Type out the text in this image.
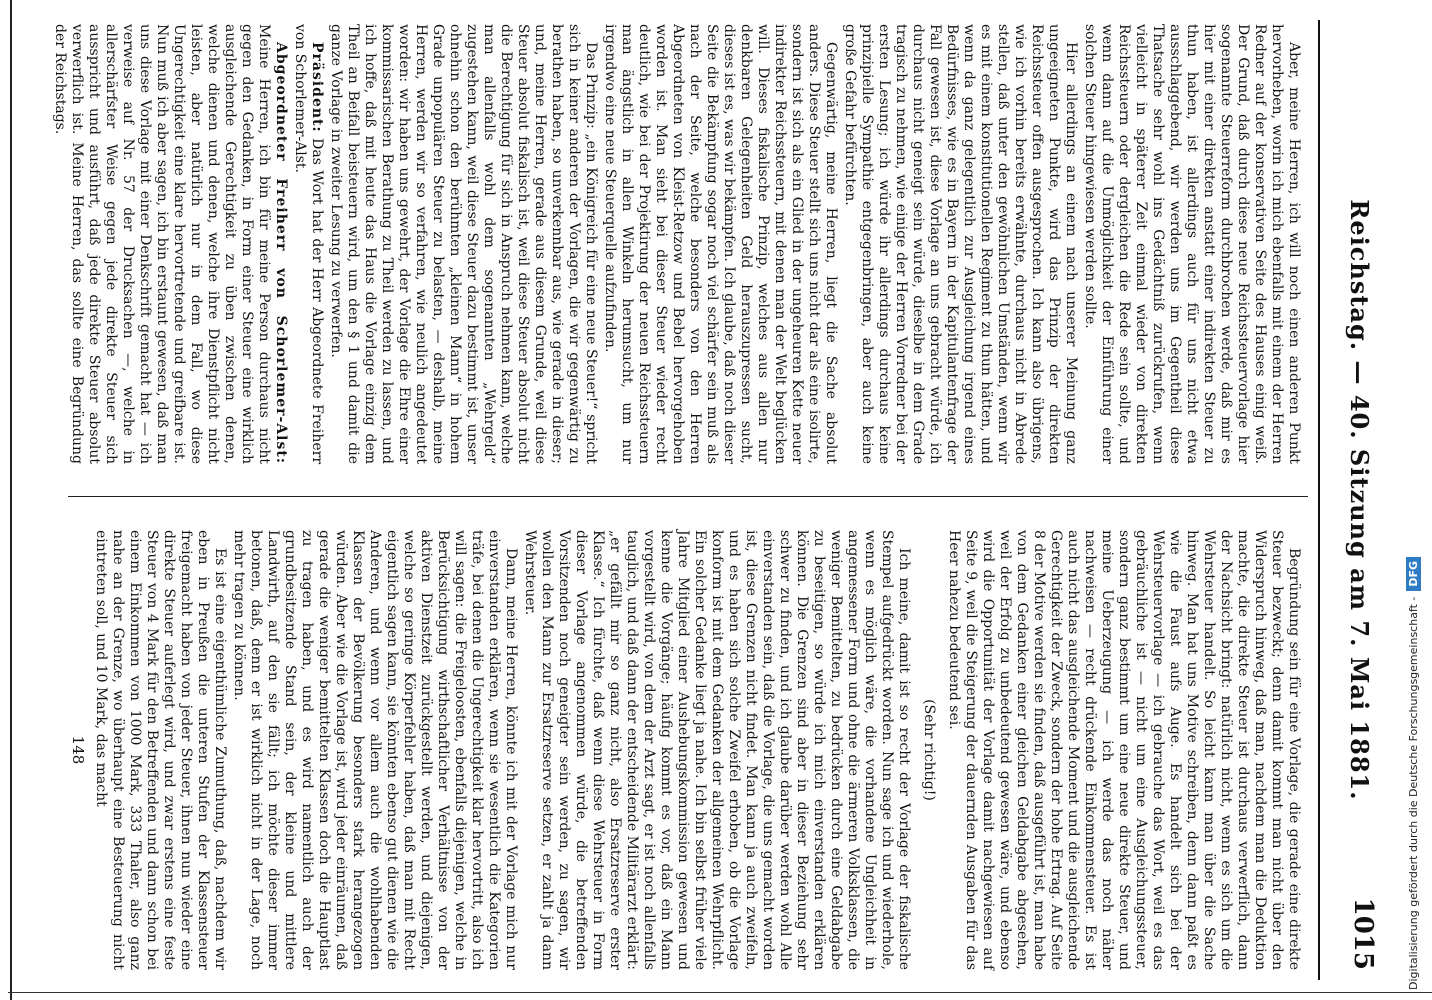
Reichstag. — 40. Sitzung am 7. Mai 1881.
1015

Aber, meine Herren, ich will noch einen anderen Punkt hervorheben, worin ich mich ebenfalls mit einem der Herren Redner auf der konservativen Seite des Hauses einig weiß. Der Grund, daß durch diese neue Reichssteuervorlage hier sogenannte Steuerreform durchbrochen werde, daß mir es hier mit einer direkten anstatt einer indirekten Steuer zu thun haben, ist allerdings auch für uns nicht etwa ausschlaggebend, wir werden uns im Gegentheil diese Thatsache sehr wohl ins Gedächtniß zurückrufen, wenn vielleicht in späterer Zeit einmal wieder von direkten Reichssteuern oder dergleichen die Rede sein sollte, und wenn dann auf die Unmöglichkeit der Einführung einer solchen Steuer hingewiesen werden sollte.

Hier allerdings an einem nach unserer Meinung ganz ungeeigneten Punkte, wird das Prinzip der direkten Reichssteuer offen ausgesprochen. Ich kann also übrigens, wie ich vorhin bereits erwähnte, durchaus nicht in Abrede stellen, daß unter den gewöhnlichen Umständen, wenn wir es mit einem konstitutionellen Regiment zu thun hätten, und wenn da ganz gelegentlich zur Ausgleichung irgend eines Bedürfnisses, wie es in Bayern in der Kapitulantenfrage der Fall gewesen ist, diese Vorlage an uns gebracht würde, ich durchaus nicht geneigt sein würde, dieselbe in dem Grade tragisch zu nehmen, wie einige der Herren Vorredner bei der ersten Lesung; ich würde ihr allerdings durchaus keine prinzipielle Sympathie entgegenbringen, aber auch keine große Gefahr befürchten.

Gegenwärtig, meine Herren, liegt die Sache absolut anders. Diese Steuer stellt sich uns nicht dar als eine isolirte, sondern ist sich als ein Glied in der ungeheuren Kette neuer indirekter Reichssteuern, mit denen man der Welt beglücken will. Dieses fiskalische Prinzip, welches aus allen nur denkbaren Gelegenheiten Geld herauszupressen sucht, dieses ist es, was wir bekämpfen. Ich glaube, daß noch dieser Seite die Bekämpfung sogar noch viel schärfer sein muß als nach der Seite, welche besonders von den Herren Abgeordneten von Kleist-Retzow und Bebel hervorgehoben worden ist. Man sieht bei dieser Steuer wieder recht deutlich, wie bei der Projektirung der neuen Reichssteuern man ängstlich in allen Winkeln herumsucht, um nur irgendwo eine neue Steuerquelle aufzufinden.

Das Prinzip: „ein Königreich für eine neue Steuer!“ spricht sich in keiner anderen der Vorlagen, die wir gegenwärtig zu berathen haben, so unverkennbar aus, wie gerade in dieser; und, meine Herren, gerade aus diesem Grunde, weil diese Steuer absolut fiskalisch ist, weil diese Steuer absolut nicht die Berechtigung für sich in Anspruch nehmen kann, welche man allenfalls wohl dem sogenannten „Wehrgeld“ zugestehen kann, weil diese Steuer dazu bestimmt ist, unser ohnehin schon den berühmten „kleinen Mann“ in hohem Grade unpopulären Steuer zu belasten, — deshalb, meine Herren, werden wir so verfahren, wie neulich angedeutet worden: wir haben uns gewehrt, der Vorlage die Ehre einer kommissarischen Berathung zu Theil werden zu lassen, und ich hoffe, daß mit heute das Haus die Vorlage einzig dem Theil an Beifall beisteuern wird, um den § 1 und damit die ganze Vorlage in zweiter Lesung zu verwerfen.

Präsident: Das Wort hat der Herr Abgeordnete Freiherr von Schorlemer-Alst.

Abgeordneter Freiherr von Schorlemer-Alst: Meine Herren, ich bin für meine Person durchaus nicht gegen den Gedanken, in Form einer Steuer eine wirklich ausgleichende Gerechtigkeit zu üben zwischen denen, welche dienen und denen, welche ihre Dienstpflicht nicht leisten, aber natürlich nur in dem Fall, wo diese Ungerechtigkeit eine klare hervortretende und greifbare ist. Nun muß ich aber sagen, ich bin erstaunt gewesen, daß man uns diese Vorlage mit einer Denkschrift gemacht hat — ich verweise auf Nr. 57 der Drucksachen —, welche in allerschärfster Weise gegen jede direkte Steuer sich ausspricht und ausführt, daß jede direkte Steuer absolut verwerflich ist. Meine Herren, das sollte eine Begründung der Reichstags.

Begründung sein für eine Vorlage, die gerade eine direkte Steuer bezweckt; denn damit kommt man nicht über den Widerspruch hinweg, daß man, nachdem man die Deduktion machte, die direkte Steuer ist durchaus verwerflich, dann der Nachsicht bringt: natürlich nicht, wenn es sich um die Wehrsteuer handelt. So leicht kann man über die Sache hinweg. Man hat uns Motive schreiben, denn dann paßt es wie die Faust aufs Auge. Es handelt sich bei der Wehrsteuervorlage — ich gebrauche das Wort, weil es das gebräuchliche ist — nicht um eine Ausgleichungssteuer, sondern ganz bestimmt um eine neue direkte Steuer, und meine Ueberzeugung — ich werde das noch näher nachweisen — recht drückende Einkommensteuer. Es ist auch nicht das ausgleichende Moment und die ausgleichende Gerechtigkeit der Zweck, sondern der hohe Ertrag. Auf Seite 8 der Motive werden sie finden, daß ausgeführt ist, man habe von dem Gedanken einer gleichen Geldabgabe abgesehen, weil der Erfolg zu unbedeutend gewesen wäre, und ebenso wird die Opportunität der Vorlage damit nachgewiesen auf Seite 9, weil die Steigerung der dauernden Ausgaben für das Heer nahezu bedeutend sei.

(Sehr richtig!)

Ich meine, damit ist so recht der Vorlage der fiskalische Stempel aufgedrückt worden. Nun sage ich und wiederhole, wenn es möglich wäre, die vorhandene Ungleichheit in angemessener Form und ohne die ärmeren Volksklassen, die weniger Bemittelten, zu bedrücken durch eine Geldabgabe zu beseitigen, so würde ich mich einverstanden erklären können. Die Grenzen sind aber in dieser Beziehung sehr schwer zu finden, und ich glaube darüber werden wohl Alle einverstanden sein, daß die Vorlage, die uns gemacht worden ist, diese Grenzen nicht findet. Man kann ja auch zweifeln, und es haben sich solche Zweifel erhoben, ob die Vorlage konform ist mit dem Gedanken der allgemeinen Wehrpflicht. Ein solcher Gedanke liegt ja nahe. Ich bin selbst früher viele Jahre Mitglied einer Aushebungskommission gewesen und kenne die Vorgänge; häufig kommt es vor, daß ein Mann vorgestellt wird, von dem der Arzt sagt, er ist noch allenfalls tauglich, und daß dann der entscheidende Militärarzt erklärt: „er gefällt mir so ganz nicht, also Ersatzreserve erster Klasse.“ Ich fürchte, daß wenn diese Wehrsteuer in Form dieser Vorlage angenommen würde, die betreffenden Vorsitzenden noch geneigter sein werden, zu sagen, wir wollen den Mann zur Ersatzreserve setzen, er zahlt ja dann Wehrsteuer.

Dann, meine Herren, könnte ich mit der Vorlage mich nur einverstanden erklären, wenn sie wesentlich die Kategorien träfe, bei denen die Ungerechtigkeit klar hervortritt, also ich will sagen: die Freigeloosten, ebenfalls diejenigen, welche in Berücksichtigung wirthschaftlicher Verhältnisse von der aktiven Dienstzeit zurückgestellt werden, und diejenigen, welche so geringe Körperfehler haben, daß man mit Recht eigentlich sagen kann, sie könnten ebenso gut dienen wie die Anderen, und wenn vor allem auch die wohlhabenden Klassen der Bevölkerung besonders stark herangezogen würden. Aber wie die Vorlage ist, wird jeder einräumen, daß gerade die weniger bemittelten Klassen doch die Hauptlast zu tragen haben, und es wird namentlich auch der grundbesitzende Stand sein, der kleine und mittlere Landwirth, auf den sie fällt; ich möchte dieser immer betonen, daß, denn er ist wirklich nicht in der Lage, noch mehr tragen zu können.

Es ist eine eigenthümliche Zumuthung, daß, nachdem wir eben in Preußen die unteren Stufen der Klassensteuer freigemacht haben von jeder Steuer, ihnen nun wieder eine direkte Steuer auferlegt wird, und zwar erstens eine feste Steuer von 4 Mark für den Betreffenden und dann schon bei einem Einkommen von 1000 Mark, 333 Thaler, also ganz nahe an der Grenze, wo überhaupt eine Besteuerung nicht eintreten soll, und 10 Mark, das macht

148	Digitalisierung gefördert durch die Deutsche Forschungsgemeinschaft -DFG
